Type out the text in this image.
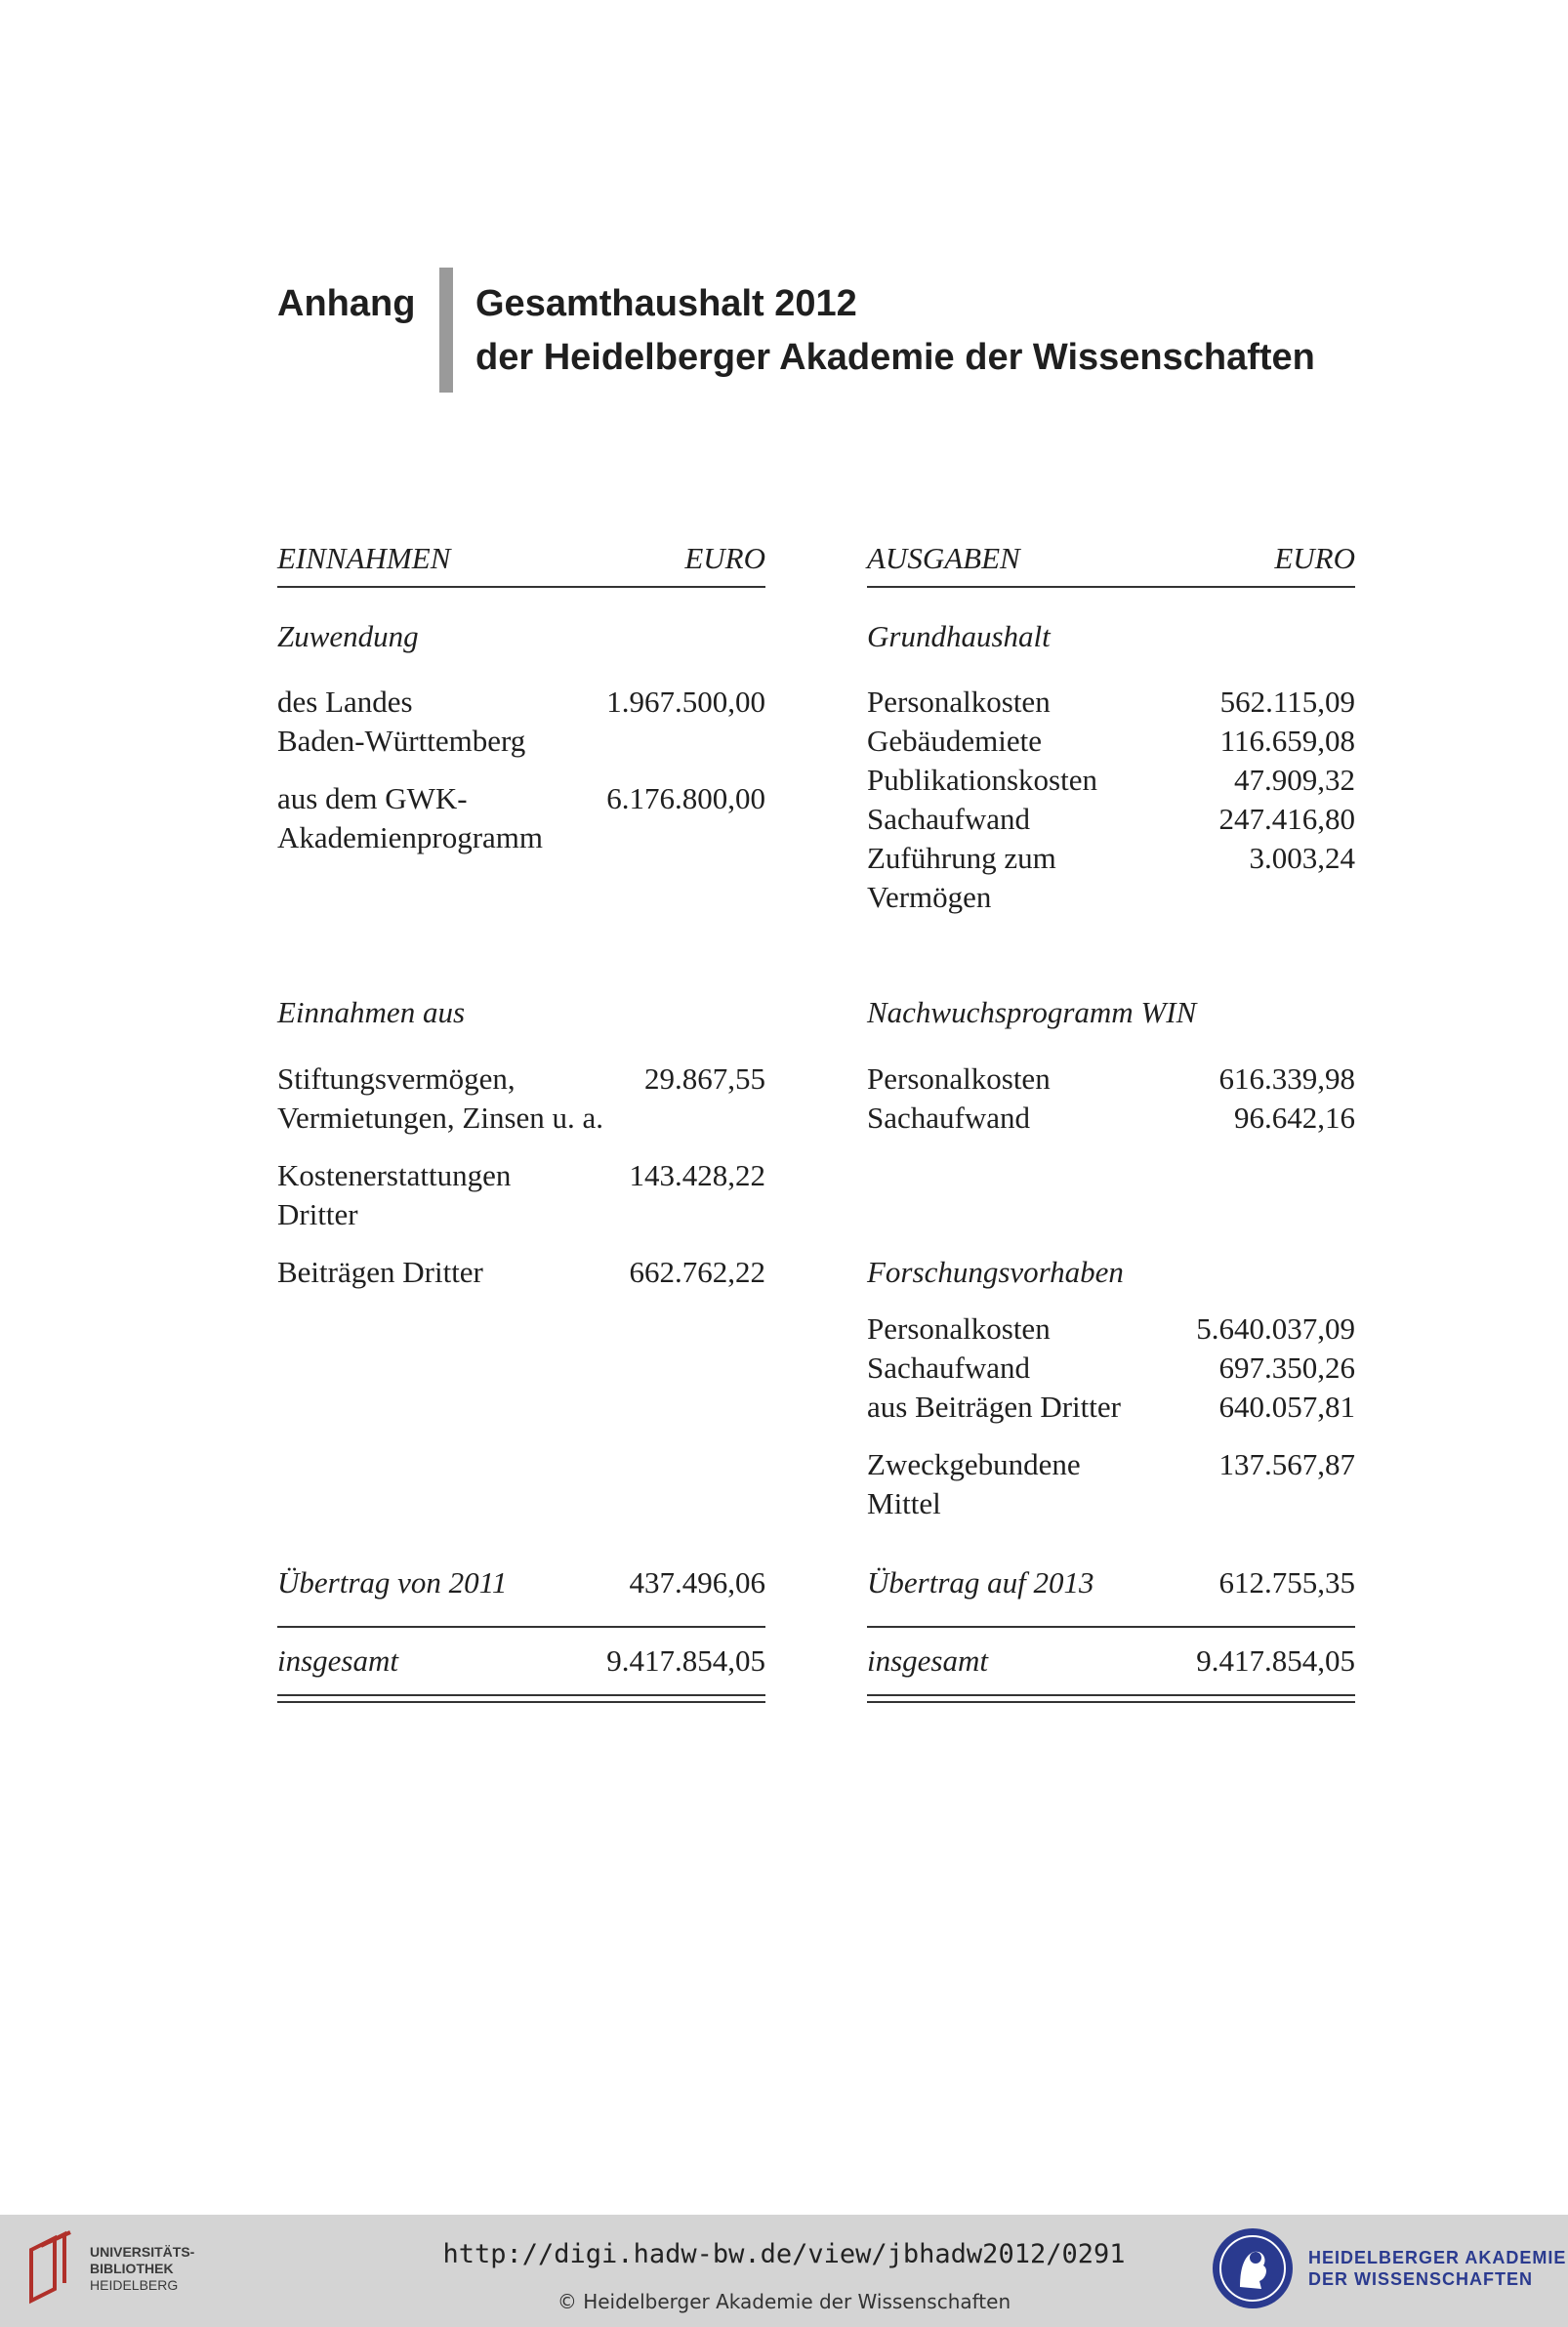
Anhang Gesamthaushalt 2012
der Heidelberger Akademie der Wissenschaften
EINNAHMEN	EURO
Zuwendung
des Landes	1.967.500,00
Baden-Württemberg
aus dem GWK-	6.176.800,00
Akademienprogramm
Einnahmen aus
Stiftungsvermögen,	29.867,55
Vermietungen, Zinsen u. a.
Kostenerstattungen	143.428,22
Dritter
Beiträgen Dritter	662.762,22
Übertrag von 2011	437.496,06
insgesamt	9.417.854,05
AUSGABEN	EURO
Grundhaushalt
Personalkosten	562.115,09
Gebäudemiete	116.659,08
Publikationskosten	47.909,32
Sachaufwand	247.416,80
Zuführung zum	3.003,24
Vermögen
Nachwuchsprogramm WIN
Personalkosten	616.339,98
Sachaufwand	96.642,16
Forschungsvorhaben
Personalkosten	5.640.037,09
Sachaufwand	697.350,26
aus Beiträgen Dritter	640.057,81
Zweckgebundene	137.567,87
Mittel
Übertrag auf 2013	612.755,35
insgesamt	9.417.854,05
UNIVERSITÄTS-
BIBLIOTHEK
HEIDELBERG
http://digi.hadw-bw.de/view/jbhadw2012/0291
© Heidelberger Akademie der Wissenschaften
HEIDELBERGER AKADEMIE
DER WISSENSCHAFTEN
